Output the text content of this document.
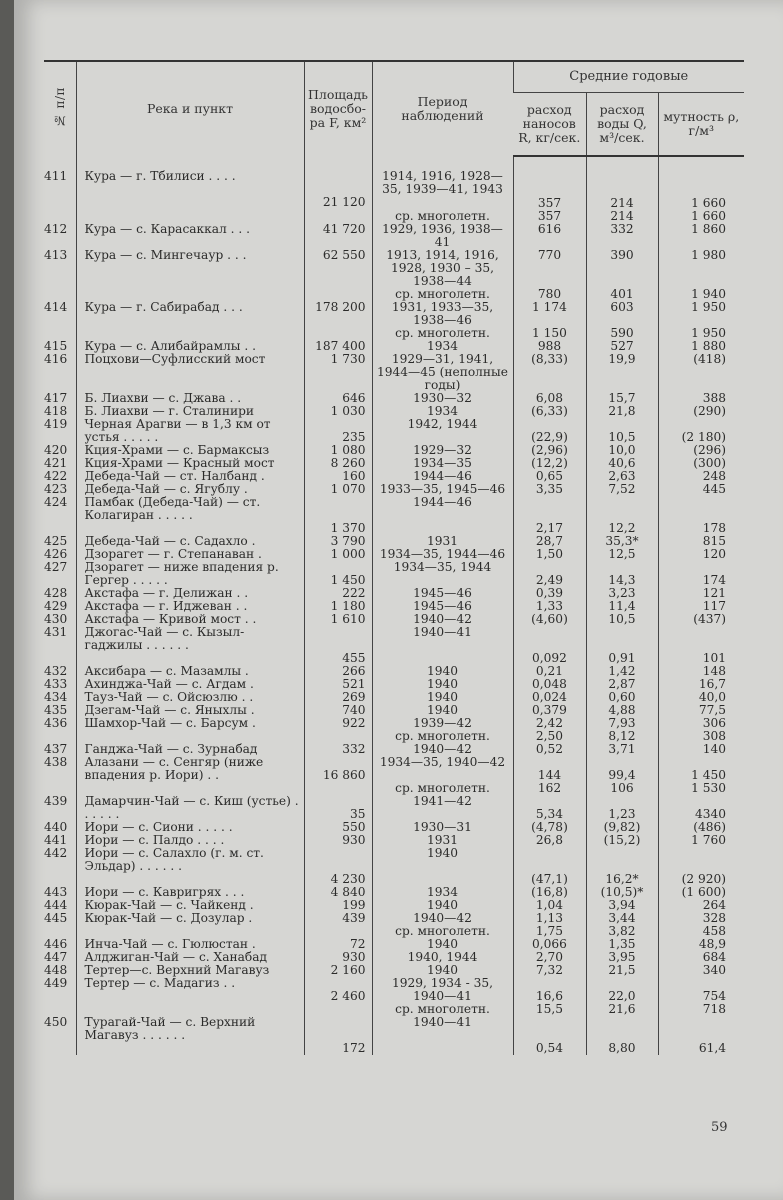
№ п/п	Река и пункт	Площадь водосбо-ра F, км²	Период наблюдений	Средние годовые		
				расход наносов R, кг/сек.	расход воды Q, м³/сек.	мутность ρ, г/м³

411	Кура — г. Тбилиси . . . .	21 120	1914, 1916, 1928—35, 1939—41, 1943	357	214	1 660

			ср. многолетн.	357	214	1 660

412	Кура — с. Карасаккал . . .	41 720	1929, 1936, 1938—41	616	332	1 860

413	Кура — с. Мингечаур . . .	62 550	1913, 1914, 1916, 1928, 1930 – 35, 1938—44	770	390	1 980

			ср. многолетн.	780	401	1 940

414	Кура — г. Сабирабад . . .	178 200	1931, 1933—35, 1938—46	1 174	603	1 950

			ср. многолетн.	1 150	590	1 950

415	Кура — с. Алибайрамлы . .	187 400	1934	988	527	1 880

416	Поцхови—Суфлисский мост	1 730	1929—31, 1941, 1944—45 (неполные годы)	(8,33)	19,9	(418)

417	Б. Лиахви — с. Джава . .	646	1930—32	6,08	15,7	388

418	Б. Лиахви — г. Сталинири	1 030	1934	(6,33)	21,8	(290)

419	Черная Арагви — в 1,3 км от устья . . . . .	235	1942, 1944	(22,9)	10,5	(2 180)

420	Кция-Храми — с. Бармаксыз	1 080	1929—32	(2,96)	10,0	(296)

421	Кция-Храми — Красный мост	8 260	1934—35	(12,2)	40,6	(300)

422	Дебеда-Чай — ст. Налбанд .	160	1944—46	0,65	2,63	248

423	Дебеда-Чай — с. Ягублу .	1 070	1933—35, 1945—46	3,35	7,52	445

424	Памбак (Дебеда-Чай) — ст. Колагиран . . . . .	1 370	1944—46	2,17	12,2	178

425	Дебеда-Чай — с. Садахло .	3 790	1931	28,7	35,3*	815

426	Дзорагет — г. Степанаван .	1 000	1934—35, 1944—46	1,50	12,5	120

427	Дзорагет — ниже впадения р. Гергер . . . . .	1 450	1934—35, 1944	2,49	14,3	174

428	Акстафа — г. Делижан . .	222	1945—46	0,39	3,23	121

429	Акстафа — г. Иджеван . .	1 180	1945—46	1,33	11,4	117

430	Акстафа — Кривой мост . .	1 610	1940—42	(4,60)	10,5	(437)

431	Джогас-Чай — с. Кызыл-гаджилы . . . . . .	455	1940—41	0,092	0,91	101

432	Аксибара — с. Мазамлы .	266	1940	0,21	1,42	148

433	Ахинджа-Чай — с. Агдам .	521	1940	0,048	2,87	16,7

434	Тауз-Чай — с. Ойсюзлю . .	269	1940	0,024	0,60	40,0

435	Дзегам-Чай — с. Яныхлы .	740	1940	0,379	4,88	77,5

436	Шамхор-Чай — с. Барсум .	922	1939—42	2,42	7,93	306

			ср. многолетн.	2,50	8,12	308

437	Ганджа-Чай — с. Зурнабад	332	1940—42	0,52	3,71	140

438	Алазани — с. Сенгяр (ниже впадения р. Иори) . .	16 860	1934—35, 1940—42	144	99,4	1 450

			ср. многолетн.	162	106	1 530

439	Дамарчин-Чай — с. Киш (устье) . . . . . .	35	1941—42	5,34	1,23	4340

440	Иори — с. Сиони . . . . .	550	1930—31	(4,78)	(9,82)	(486)

441	Иори — с. Палдо . . . .	930	1931	26,8	(15,2)	1 760

442	Иори — с. Салахло (г. м. ст. Эльдар) . . . . . .	4 230	1940	(47,1)	16,2*	(2 920)

443	Иори — с. Кавригрях . . .	4 840	1934	(16,8)	(10,5)*	(1 600)

444	Кюрак-Чай — с. Чайкенд .	199	1940	1,04	3,94	264

445	Кюрак-Чай — с. Дозулар .	439	1940—42	1,13	3,44	328

			ср. многолетн.	1,75	3,82	458

446	Инча-Чай — с. Гюлюстан .	72	1940	0,066	1,35	48,9

447	Алджиган-Чай — с. Ханабад	930	1940, 1944	2,70	3,95	684

448	Тертер—с. Верхний Магавуз	2 160	1940	7,32	21,5	340

449	Тертер — с. Мадагиз . .	2 460	1929, 1934 - 35, 1940—41	16,6	22,0	754

			ср. многолетн.	15,5	21,6	718

450	Турагай-Чай — с. Верхний Магавуз . . . . . .	172	1940—41	0,54	8,80	61,4
59
